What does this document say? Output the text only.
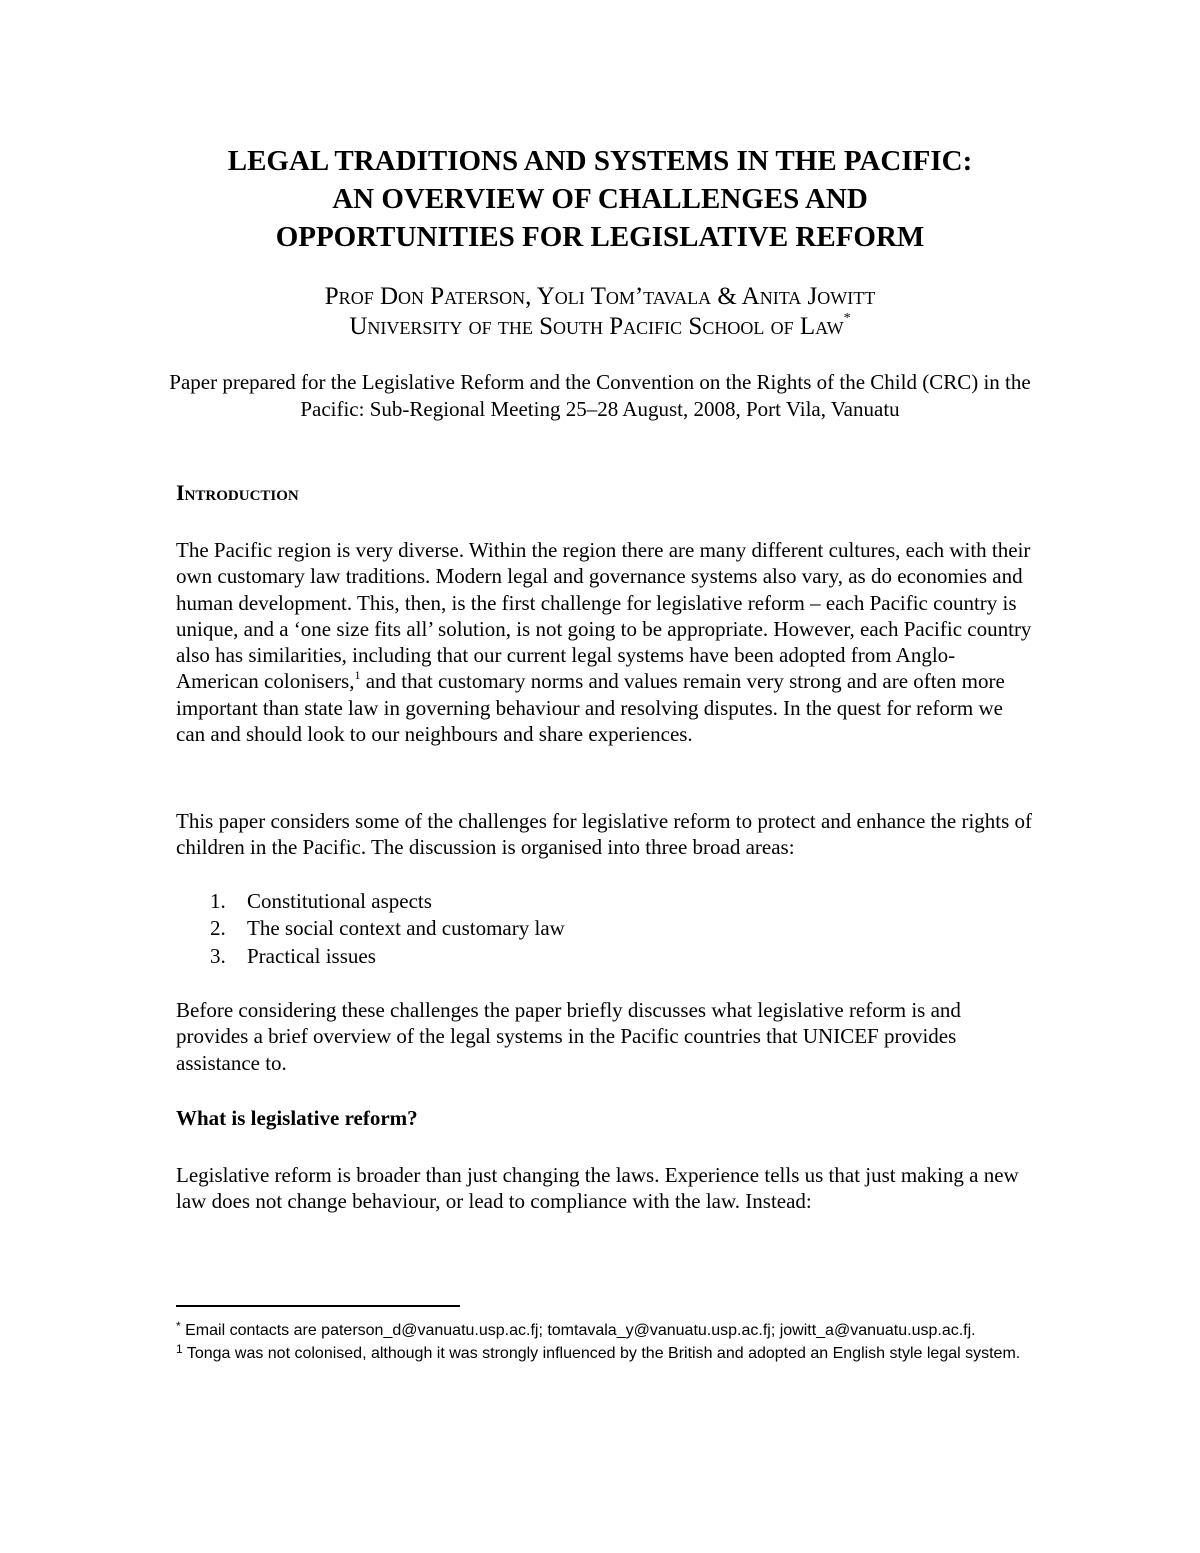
LEGAL TRADITIONS AND SYSTEMS IN THE PACIFIC:
AN OVERVIEW OF CHALLENGES AND
OPPORTUNITIES FOR LEGISLATIVE REFORM
Prof Don Paterson, Yoli Tom’tavala & Anita Jowitt
University of the South Pacific School of Law*

Paper prepared for the Legislative Reform and the Convention on the Rights of the Child (CRC) in the Pacific: Sub-Regional Meeting 25–28 August, 2008, Port Vila, Vanuatu

Introduction

The Pacific region is very diverse. Within the region there are many different cultures, each with their own customary law traditions. Modern legal and governance systems also vary, as do economies and human development. This, then, is the first challenge for legislative reform – each Pacific country is unique, and a ‘one size fits all’ solution, is not going to be appropriate. However, each Pacific country also has similarities, including that our current legal systems have been adopted from Anglo- American colonisers,$^1$ and that customary norms and values remain very strong and are often more important than state law in governing behaviour and resolving disputes. In the quest for reform we can and should look to our neighbours and share experiences.

This paper considers some of the challenges for legislative reform to protect and enhance the rights of children in the Pacific. The discussion is organised into three broad areas:

1. Constitutional aspects
2. The social context and customary law
3. Practical issues

Before considering these challenges the paper briefly discusses what legislative reform is and provides a brief overview of the legal systems in the Pacific countries that UNICEF provides assistance to.

What is legislative reform?

Legislative reform is broader than just changing the laws. Experience tells us that just making a new law does not change behaviour, or lead to compliance with the law. Instead:

* Email contacts are paterson_d@vanuatu.usp.ac.fj; tomtavala_y@vanuatu.usp.ac.fj; jowitt_a@vanuatu.usp.ac.fj.

$^1$ Tonga was not colonised, although it was strongly influenced by the British and adopted an English style legal system.
